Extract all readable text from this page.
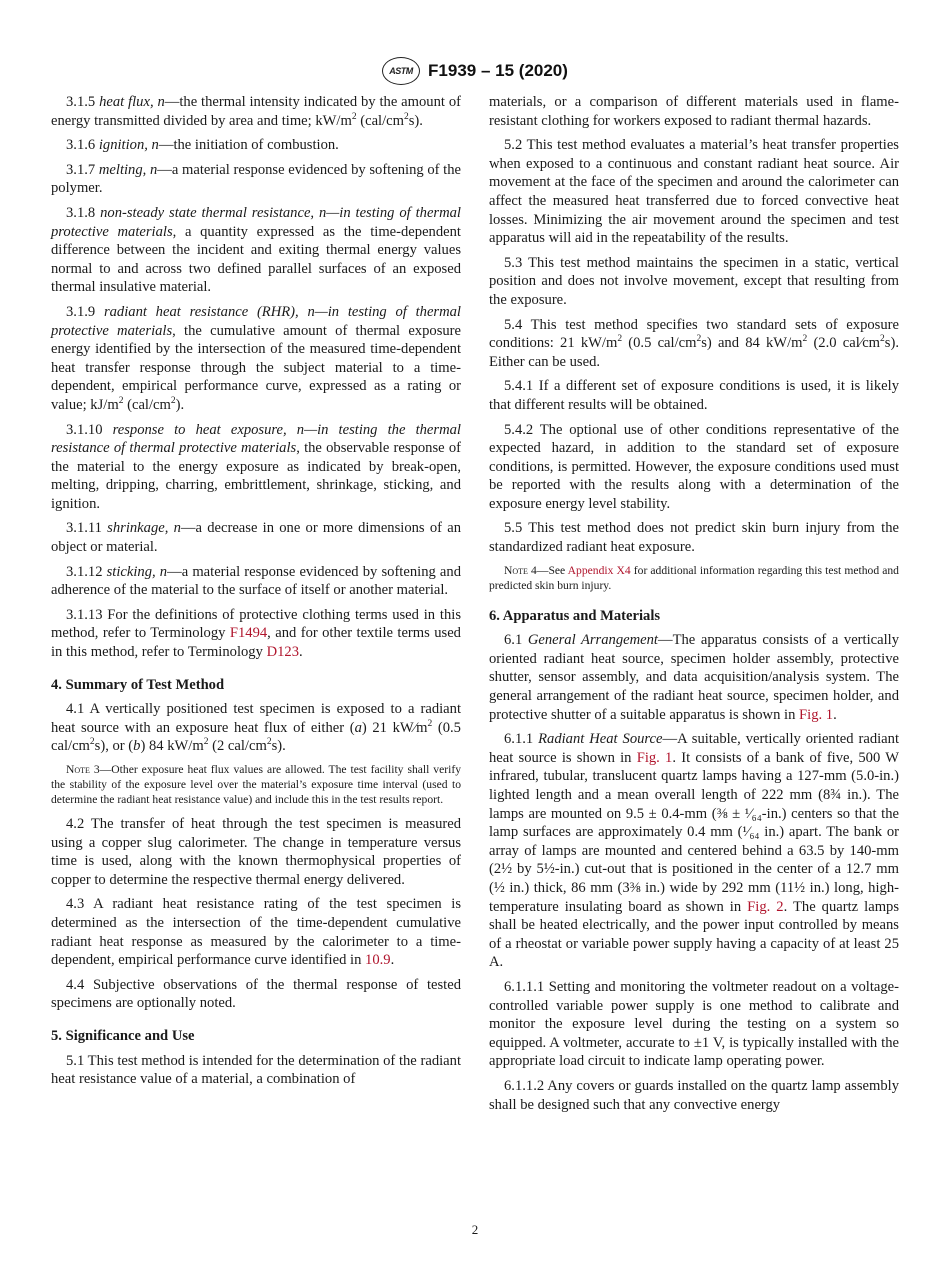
ASTM F1939 – 15 (2020)

3.1.5 heat flux, n—the thermal intensity indicated by the amount of energy transmitted divided by area and time; $kW/m^2$ $(cal/cm^2s)$.

3.1.6 ignition, n—the initiation of combustion.

3.1.7 melting, n—a material response evidenced by softening of the polymer.

3.1.8 non-steady state thermal resistance, n—in testing of thermal protective materials, a quantity expressed as the time-dependent difference between the incident and exiting thermal energy values normal to and across two defined parallel surfaces of an exposed thermal insulative material.

3.1.9 radiant heat resistance (RHR), n—in testing of thermal protective materials, the cumulative amount of thermal exposure energy identified by the intersection of the measured time-dependent heat transfer response through the subject material to a time-dependent, empirical performance curve, expressed as a rating or value; $kJ/m^2$ $(cal/cm^2)$.

3.1.10 response to heat exposure, n—in testing the thermal resistance of thermal protective materials, the observable response of the material to the energy exposure as indicated by break-open, melting, dripping, charring, embrittlement, shrinkage, sticking, and ignition.

3.1.11 shrinkage, n—a decrease in one or more dimensions of an object or material.

3.1.12 sticking, n—a material response evidenced by softening and adherence of the material to the surface of itself or another material.

3.1.13 For the definitions of protective clothing terms used in this method, refer to Terminology F1494, and for other textile terms used in this method, refer to Terminology D123.

4. Summary of Test Method

4.1 A vertically positioned test specimen is exposed to a radiant heat source with an exposure heat flux of either (a) 21 $kW⁄m^2$ (0.5 cal/$cm^2s$), or (b) 84 $kW/m^2$ (2 cal/$cm^2s$).

Note 3—Other exposure heat flux values are allowed. The test facility shall verify the stability of the exposure level over the material’s exposure time interval (used to determine the radiant heat resistance value) and include this in the test results report.

4.2 The transfer of heat through the test specimen is measured using a copper slug calorimeter. The change in temperature versus time is used, along with the known thermophysical properties of copper to determine the respective thermal energy delivered.

4.3 A radiant heat resistance rating of the test specimen is determined as the intersection of the time-dependent cumulative radiant heat response as measured by the calorimeter to a time-dependent, empirical performance curve identified in 10.9.

4.4 Subjective observations of the thermal response of tested specimens are optionally noted.

5. Significance and Use

5.1 This test method is intended for the determination of the radiant heat resistance value of a material, a combination of

materials, or a comparison of different materials used in flame-resistant clothing for workers exposed to radiant thermal hazards.

5.2 This test method evaluates a material’s heat transfer properties when exposed to a continuous and constant radiant heat source. Air movement at the face of the specimen and around the calorimeter can affect the measured heat transferred due to forced convective heat losses. Minimizing the air movement around the specimen and test apparatus will aid in the repeatability of the results.

5.3 This test method maintains the specimen in a static, vertical position and does not involve movement, except that resulting from the exposure.

5.4 This test method specifies two standard sets of exposure conditions: 21 $kW/m^2$ (0.5 cal/$cm^2s$) and 84 $kW/m^2$ (2.0 $cal⁄cm^2s$). Either can be used.

5.4.1 If a different set of exposure conditions is used, it is likely that different results will be obtained.

5.4.2 The optional use of other conditions representative of the expected hazard, in addition to the standard set of exposure conditions, is permitted. However, the exposure conditions used must be reported with the results along with a determination of the exposure energy level stability.

5.5 This test method does not predict skin burn injury from the standardized radiant heat exposure.

Note 4—See Appendix X4 for additional information regarding this test method and predicted skin burn injury.

6. Apparatus and Materials

6.1 General Arrangement—The apparatus consists of a vertically oriented radiant heat source, specimen holder assembly, protective shutter, sensor assembly, and data acquisition/analysis system. The general arrangement of the radiant heat source, specimen holder, and protective shutter of a suitable apparatus is shown in Fig. 1.

6.1.1 Radiant Heat Source—A suitable, vertically oriented radiant heat source is shown in Fig. 1. It consists of a bank of five, 500 W infrared, tubular, translucent quartz lamps having a 127-mm (5.0-in.) lighted length and a mean overall length of 222 mm (8¾ in.). The lamps are mounted on 9.5 ± 0.4-mm (⅜ ± ¹⁄₆₄-in.) centers so that the lamp surfaces are approximately 0.4 mm (¹⁄₆₄ in.) apart. The bank or array of lamps are mounted and centered behind a 63.5 by 140-mm (2½ by 5½-in.) cut-out that is positioned in the center of a 12.7 mm (½ in.) thick, 86 mm (3⅜ in.) wide by 292 mm (11½ in.) long, high-temperature insulating board as shown in Fig. 2. The quartz lamps shall be heated electrically, and the power input controlled by means of a rheostat or variable power supply having a capacity of at least 25 A.

6.1.1.1 Setting and monitoring the voltmeter readout on a voltage-controlled variable power supply is one method to calibrate and monitor the exposure level during the testing on a system so equipped. A voltmeter, accurate to ±1 V, is typically installed with the appropriate load circuit to indicate lamp operating power.

6.1.1.2 Any covers or guards installed on the quartz lamp assembly shall be designed such that any convective energy

2
